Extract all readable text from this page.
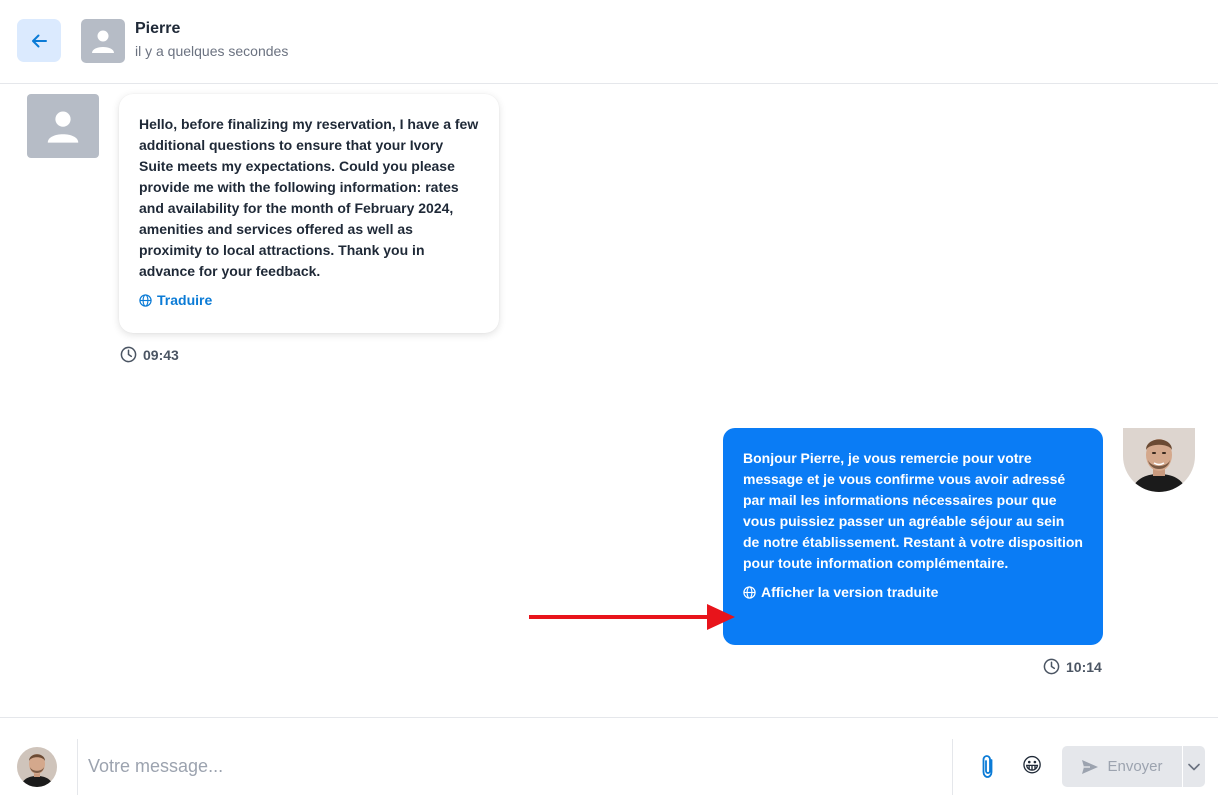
Pierre
il y a quelques secondes
Hello, before finalizing my reservation, I have a few additional questions to ensure that your Ivory Suite meets my expectations. Could you please provide me with the following information: rates and availability for the month of February 2024, amenities and services offered as well as proximity to local attractions. Thank you in advance for your feedback.
Traduire
09:43
Bonjour Pierre, je vous remercie pour votre message et je vous confirme vous avoir adressé par mail les informations nécessaires pour que vous puissiez passer un agréable séjour au sein de notre établissement. Restant à votre disposition pour toute information complémentaire.
Afficher la version traduite
10:14
Votre message...
😀	Envoyer
